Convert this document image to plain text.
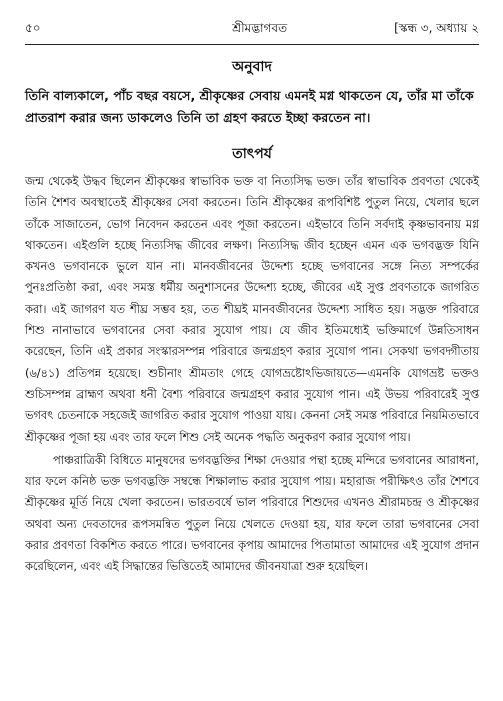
৫০	শ্রীমদ্ভাগবত	[স্কন্ধ ৩, অধ্যায় ২
অনুবাদ

তিনি বাল্যকালে, পাঁচ বছর বয়সে, শ্রীকৃষ্ণের সেবায় এমনই মগ্ন থাকতেন যে, তাঁর মা তাঁকে প্রাতরাশ করার জন্য ডাকলেও তিনি তা গ্রহণ করতে ইচ্ছা করতেন না।

তাৎপর্য

জন্ম থেকেই উদ্ধব ছিলেন শ্রীকৃষ্ণের স্বাভাবিক ভক্ত বা নিত্যসিদ্ধ ভক্ত। তাঁর স্বাভাবিক প্রবণতা থেকেই তিনি শৈশব অবস্থাতেই শ্রীকৃষ্ণের সেবা করতেন। তিনি শ্রীকৃষ্ণের রূপবিশিষ্ট পুতুল নিয়ে, খেলার ছলে তাঁকে সাজাতেন, ভোগ নিবেদন করতেন এবং পূজা করতেন। এইভাবে তিনি সর্বদাই কৃষ্ণভাবনায় মগ্ন থাকতেন। এইগুলি হচ্ছে নিত্যসিদ্ধ জীবের লক্ষণ। নিত্যসিদ্ধ জীব হচ্ছেন এমন এক ভগবদ্ভক্ত যিনি কখনও ভগবানকে ভুলে যান না। মানবজীবনের উদ্দেশ্য হচ্ছে ভগবানের সঙ্গে নিত্য সম্পর্কের পুনঃপ্রতিষ্ঠা করা, এবং সমস্ত ধর্মীয় অনুশাসনের উদ্দেশ্য হচ্ছে, জীবের এই সুপ্ত প্রবণতাকে জাগরিত করা। এই জাগরণ যত শীঘ্র সম্ভব হয়, তত শীঘ্রই মানবজীবনের উদ্দেশ্য সাধিত হয়। সদ্ভক্ত পরিবারে শিশু নানাভাবে ভগবানের সেবা করার সুযোগ পায়। যে জীব ইতিমধ্যেই ভক্তিমার্গে উন্নতিসাধন করেছেন, তিনি এই প্রকার সংস্কারসম্পন্ন পরিবারে জন্মগ্রহণ করার সুযোগ পান। সেকথা ভগবদ্গীতায় (৬/৪১) প্রতিপন্ন হয়েছে। শুচীনাং শ্রীমতাং গেহে যোগভ্রষ্টোঽভিজায়তে—এমনকি যোগভ্রষ্ট ভক্তও শুচিসম্পন্ন ব্রাহ্মণ অথবা ধনী বৈশ্য পরিবারে জন্মগ্রহণ করার সুযোগ পান। এই উভয় পরিবারেই সুপ্ত ভগবৎ চেতনাকে সহজেই জাগরিত করার সুযোগ পাওয়া যায়। কেননা সেই সমস্ত পরিবারে নিয়মিতভাবে শ্রীকৃষ্ণের পূজা হয় এবং তার ফলে শিশু সেই অনেক পদ্ধতি অনুকরণ করার সুযোগ পায়।

পাঞ্চরাত্রিকী বিধিতে মানুষদের ভগবদ্ভক্তির শিক্ষা দেওয়ার পন্থা হচ্ছে মন্দিরে ভগবানের আরাধনা, যার ফলে কনিষ্ঠ ভক্ত ভগবদ্ভক্তি সম্বন্ধে শিক্ষালাভ করার সুযোগ পায়। মহারাজ পরীক্ষিৎও তাঁর শৈশবে শ্রীকৃষ্ণের মূর্তি নিয়ে খেলা করতেন। ভারতবর্ষে ভাল পরিবারে শিশুদের এখনও শ্রীরামচন্দ্র ও শ্রীকৃষ্ণের অথবা অন্য দেবতাদের রূপসমন্বিত পুতুল নিয়ে খেলতে দেওয়া হয়, যার ফলে তারা ভগবানের সেবা করার প্রবণতা বিকশিত করতে পারে। ভগবানের কৃপায় আমাদের পিতামাতা আমাদের এই সুযোগ প্রদান করেছিলেন, এবং এই সিদ্ধান্তের ভিত্তিতেই আমাদের জীবনযাত্রা শুরু হয়েছিল।
